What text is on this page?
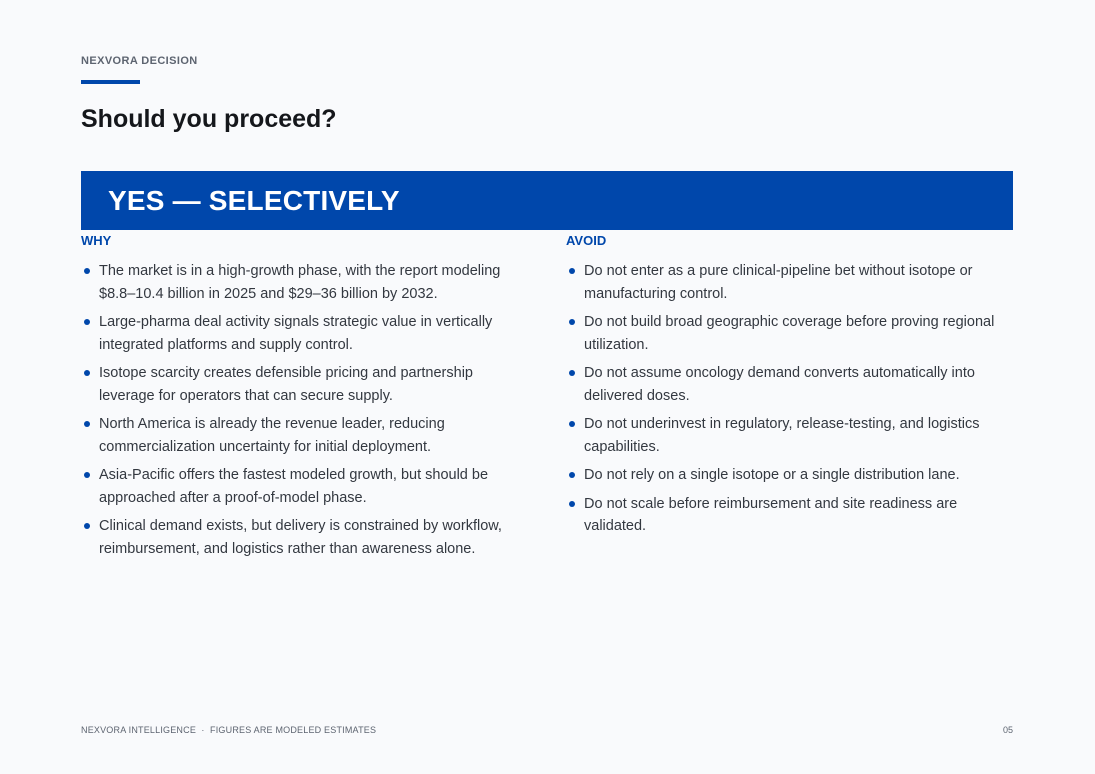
NEXVORA DECISION
Should you proceed?
YES — SELECTIVELY
WHY
The market is in a high-growth phase, with the report modeling $8.8–10.4 billion in 2025 and $29–36 billion by 2032.
Large-pharma deal activity signals strategic value in vertically integrated platforms and supply control.
Isotope scarcity creates defensible pricing and partnership leverage for operators that can secure supply.
North America is already the revenue leader, reducing commercialization uncertainty for initial deployment.
Asia-Pacific offers the fastest modeled growth, but should be approached after a proof-of-model phase.
Clinical demand exists, but delivery is constrained by workflow, reimbursement, and logistics rather than awareness alone.
AVOID
Do not enter as a pure clinical-pipeline bet without isotope or manufacturing control.
Do not build broad geographic coverage before proving regional utilization.
Do not assume oncology demand converts automatically into delivered doses.
Do not underinvest in regulatory, release-testing, and logistics capabilities.
Do not rely on a single isotope or a single distribution lane.
Do not scale before reimbursement and site readiness are validated.
NEXVORA INTELLIGENCE  ·  FIGURES ARE MODELED ESTIMATES	05
